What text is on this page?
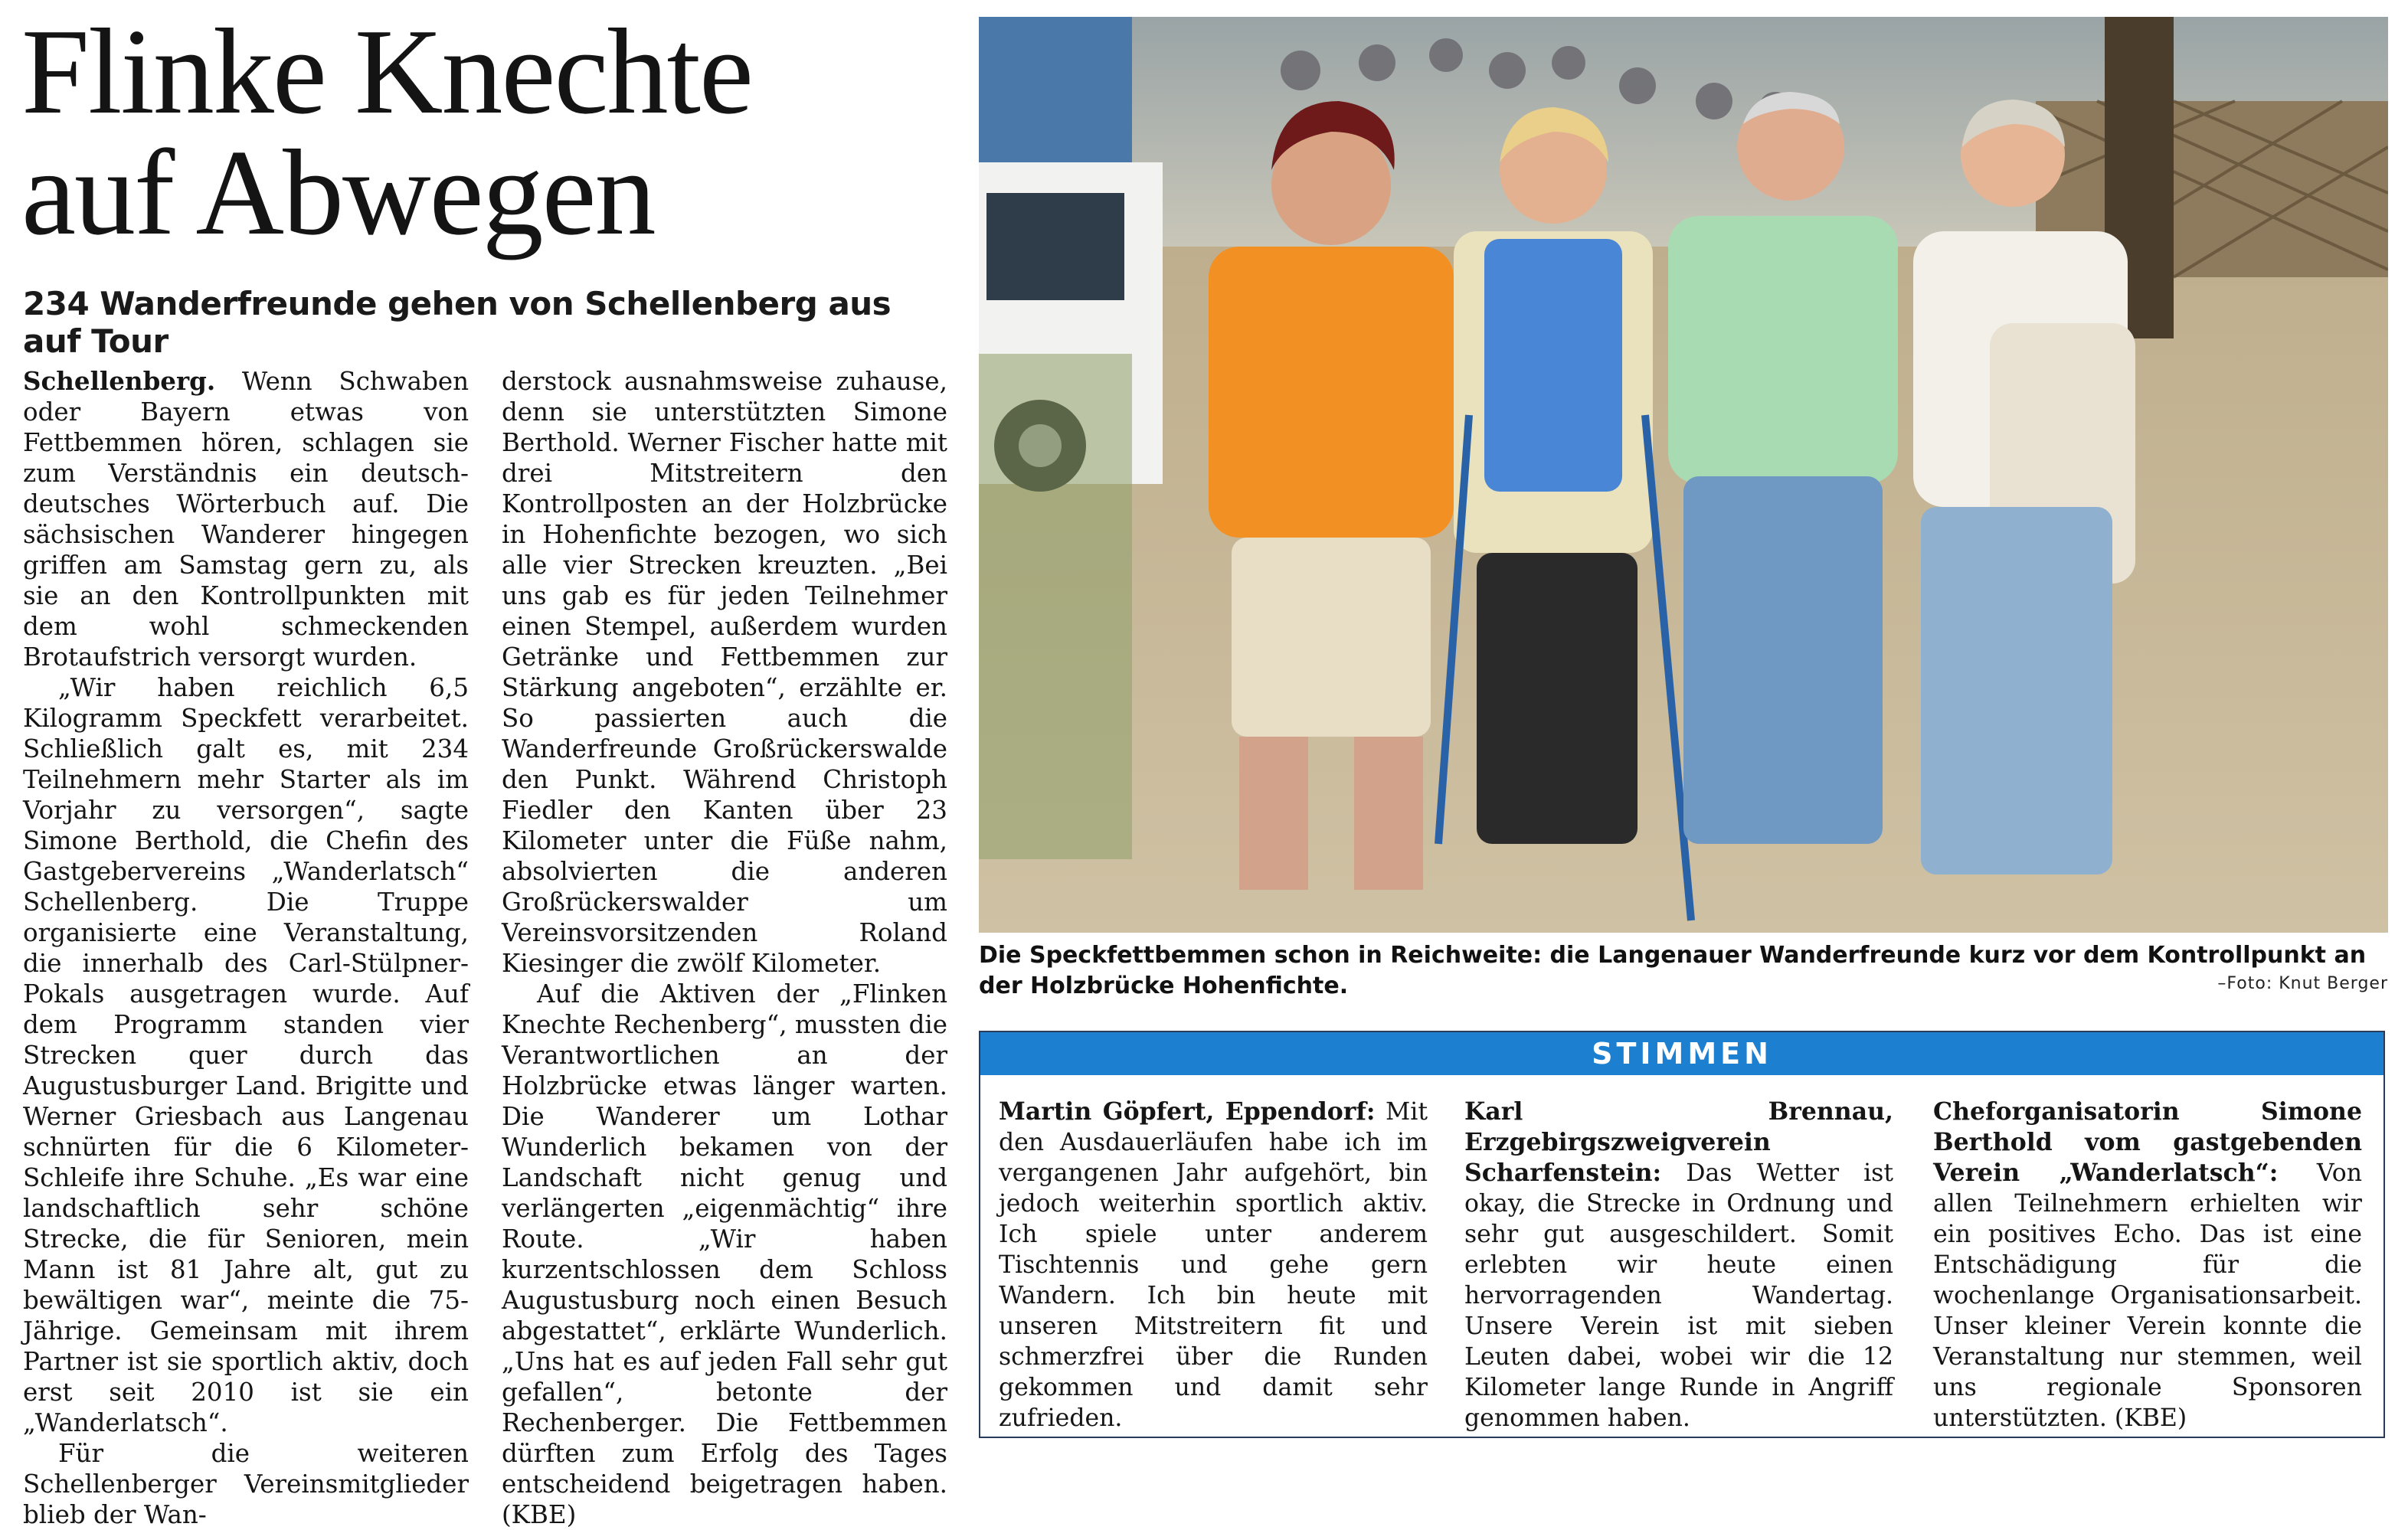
Flinke Knechte
auf Abwegen
234 Wanderfreunde gehen von Schellenberg aus auf Tour

Schellenberg. Wenn Schwaben oder Bayern etwas von Fettbemmen hören, schlagen sie zum Verständnis ein deutsch-deutsches Wörterbuch auf. Die sächsischen Wanderer hingegen griffen am Samstag gern zu, als sie an den Kontrollpunkten mit dem wohl schmeckenden Brotaufstrich versorgt wurden.

„Wir haben reichlich 6,5 Kilogramm Speckfett verarbeitet. Schließlich galt es, mit 234 Teilnehmern mehr Starter als im Vorjahr zu versorgen“, sagte Simone Berthold, die Chefin des Gastgebervereins „Wanderlatsch“ Schellenberg. Die Truppe organisierte eine Veranstaltung, die innerhalb des Carl-Stülpner-Pokals ausgetragen wurde. Auf dem Programm standen vier Strecken quer durch das Augustusburger Land. Brigitte und Werner Griesbach aus Langenau schnürten für die 6 Kilometer-Schleife ihre Schuhe. „Es war eine landschaftlich sehr schöne Strecke, die für Senioren, mein Mann ist 81 Jahre alt, gut zu bewältigen war“, meinte die 75-Jährige. Gemeinsam mit ihrem Partner ist sie sportlich aktiv, doch erst seit 2010 ist sie ein „Wanderlatsch“.

Für die weiteren Schellenberger Vereinsmitglieder blieb der Wan-

derstock ausnahmsweise zuhause, denn sie unterstützten Simone Berthold. Werner Fischer hatte mit drei Mitstreitern den Kontrollposten an der Holzbrücke in Hohenfichte bezogen, wo sich alle vier Strecken kreuzten. „Bei uns gab es für jeden Teilnehmer einen Stempel, außerdem wurden Getränke und Fettbemmen zur Stärkung angeboten“, erzählte er. So passierten auch die Wanderfreunde Großrückerswalde den Punkt. Während Christoph Fiedler den Kanten über 23 Kilometer unter die Füße nahm, absolvierten die anderen Großrückerswalder um Vereinsvorsitzenden Roland Kiesinger die zwölf Kilometer.

Auf die Aktiven der „Flinken Knechte Rechenberg“, mussten die Verantwortlichen an der Holzbrücke etwas länger warten. Die Wanderer um Lothar Wunderlich bekamen von der Landschaft nicht genug und verlängerten „eigenmächtig“ ihre Route. „Wir haben kurzentschlossen dem Schloss Augustusburg noch einen Besuch abgestattet“, erklärte Wunderlich. „Uns hat es auf jeden Fall sehr gut gefallen“, betonte der Rechenberger. Die Fettbemmen dürften zum Erfolg des Tages entscheidend beigetragen haben. (KBE)

Die Speckfettbemmen schon in Reichweite: die Langenauer Wanderfreunde kurz vor dem Kontrollpunkt an der Holzbrücke Hohenfichte.	–Foto: Knut Berger
STIMMEN

Martin Göpfert, Eppendorf: Mit den Ausdauerläufen habe ich im vergangenen Jahr aufgehört, bin jedoch weiterhin sportlich aktiv. Ich spiele unter anderem Tischtennis und gehe gern Wandern. Ich bin heute mit unseren Mitstreitern fit und schmerzfrei über die Runden gekommen und damit sehr zufrieden.

Karl Brennau, Erzgebirgszweigverein Scharfenstein: Das Wetter ist okay, die Strecke in Ordnung und sehr gut ausgeschildert. Somit erlebten wir heute einen hervorragenden Wandertag. Unsere Verein ist mit sieben Leuten dabei, wobei wir die 12 Kilometer lange Runde in Angriff genommen haben.

Cheforganisatorin Simone Berthold vom gastgebenden Verein „Wanderlatsch“: Von allen Teilnehmern erhielten wir ein positives Echo. Das ist eine Entschädigung für die wochenlange Organisationsarbeit. Unser kleiner Verein konnte die Veranstaltung nur stemmen, weil uns regionale Sponsoren unterstützten. (KBE)
